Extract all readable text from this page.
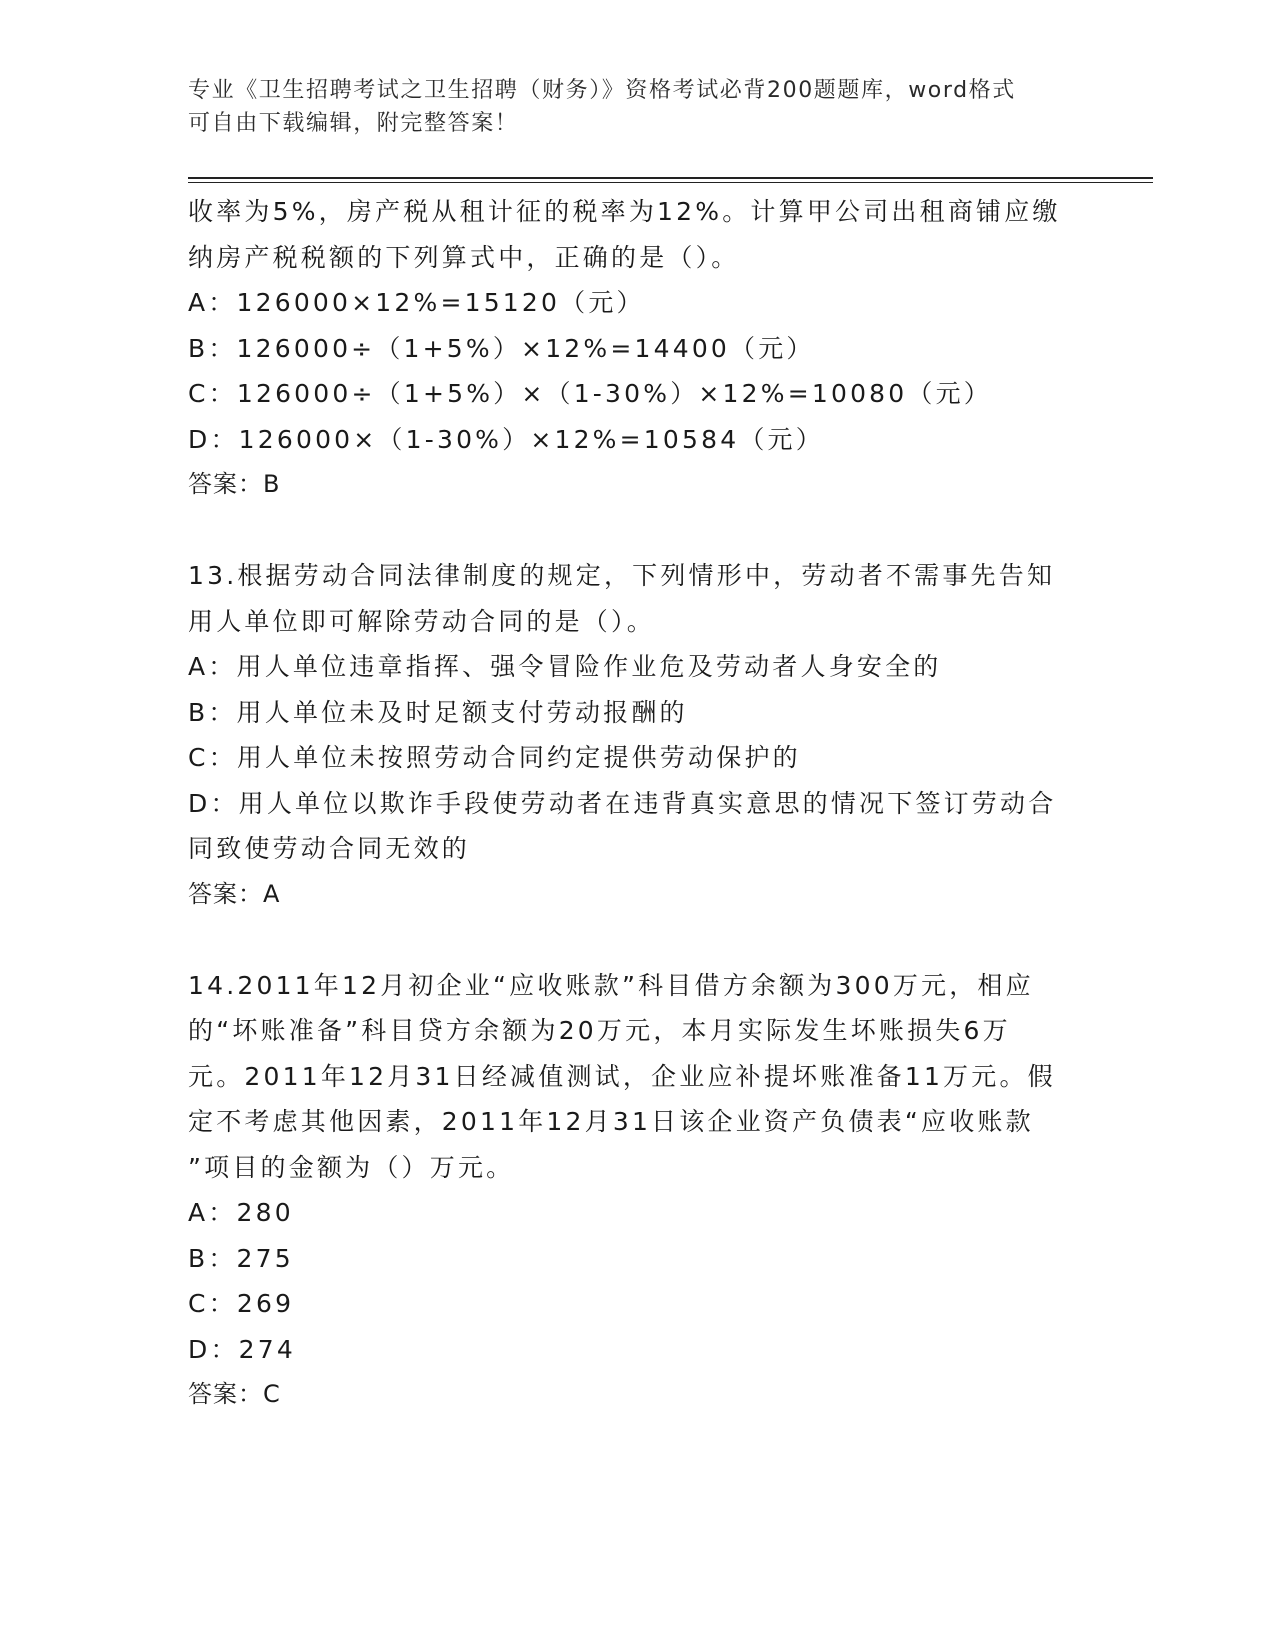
专业《卫生招聘考试之卫生招聘（财务）》资格考试必背200题题库，word格式
可自由下载编辑，附完整答案！
收率为5%，房产税从租计征的税率为12%。计算甲公司出租商铺应缴
纳房产税税额的下列算式中，正确的是（）。
A：126000×12%=15120（元）
B：126000÷（1+5%）×12%=14400（元）
C：126000÷（1+5%）×（1-30%）×12%=10080（元）
D：126000×（1-30%）×12%=10584（元）
答案：B
13.根据劳动合同法律制度的规定，下列情形中，劳动者不需事先告知
用人单位即可解除劳动合同的是（）。
A：用人单位违章指挥、强令冒险作业危及劳动者人身安全的
B：用人单位未及时足额支付劳动报酬的
C：用人单位未按照劳动合同约定提供劳动保护的
D：用人单位以欺诈手段使劳动者在违背真实意思的情况下签订劳动合
同致使劳动合同无效的
答案：A
14.2011年12月初企业“应收账款”科目借方余额为300万元，相应
的“坏账准备”科目贷方余额为20万元，本月实际发生坏账损失6万
元。2011年12月31日经减值测试，企业应补提坏账准备11万元。假
定不考虑其他因素，2011年12月31日该企业资产负债表“应收账款
”项目的金额为（）万元。
A：280
B：275
C：269
D：274
答案：C
